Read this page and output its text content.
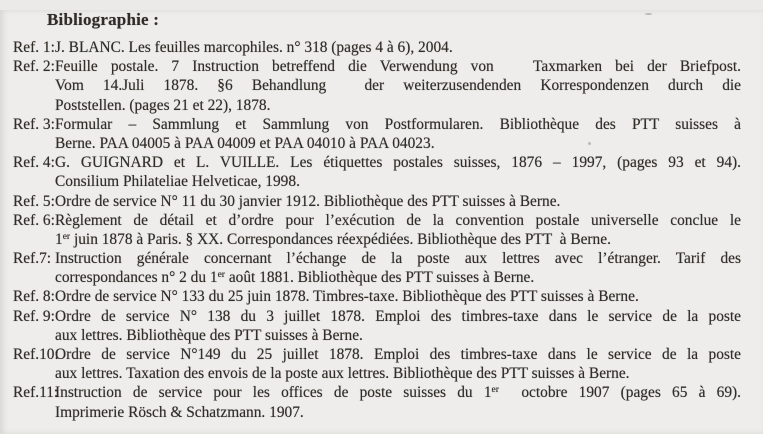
Bibliographie :
Ref. 1: J. BLANC. Les feuilles marcophiles. n° 318 (pages 4 à 6), 2004.
Ref. 2: Feuille postale. 7 Instruction betreffend die Verwendung von   Taxmarken bei der Briefpost.
Vom 14.Juli 1878. §6 Behandlung  der weiterzusendenden Korrespondenzen durch die
Poststellen. (pages 21 et 22), 1878.
Ref. 3: Formular – Sammlung et Sammlung von Postformularen. Bibliothèque des PTT suisses à
Berne. PAA 04005 à PAA 04009 et PAA 04010 à PAA 04023.
Ref. 4: G. GUIGNARD et L. VUILLE. Les étiquettes postales suisses, 1876 – 1997, (pages 93 et 94).
Consilium Philateliae Helveticae, 1998.
Ref. 5: Ordre de service N° 11 du 30 janvier 1912. Bibliothèque des PTT suisses à Berne.
Ref. 6: Règlement de détail et d’ordre pour l’exécution de la convention postale universelle conclue le
1er juin 1878 à Paris. § XX. Correspondances réexpédiées. Bibliothèque des PTT  à Berne.
Ref.7: Instruction générale concernant l’échange de la poste aux lettres avec l’étranger. Tarif des
correspondances n° 2 du 1er août 1881. Bibliothèque des PTT suisses à Berne.
Ref. 8: Ordre de service N° 133 du 25 juin 1878. Timbres-taxe. Bibliothèque des PTT suisses à Berne.
Ref. 9: Ordre de service N° 138 du 3 juillet 1878. Emploi des timbres-taxe dans le service de la poste
aux lettres. Bibliothèque des PTT suisses à Berne.
Ref.10:
Ordre de service N°149 du 25 juillet 1878. Emploi des timbres-taxe dans le service de la poste
aux lettres. Taxation des envois de la poste aux lettres. Bibliothèque des PTT suisses à Berne.
Ref.11:
Instruction de service pour les offices de poste suisses du 1er  octobre 1907 (pages 65 à 69).
Imprimerie Rösch & Schatzmann. 1907.
